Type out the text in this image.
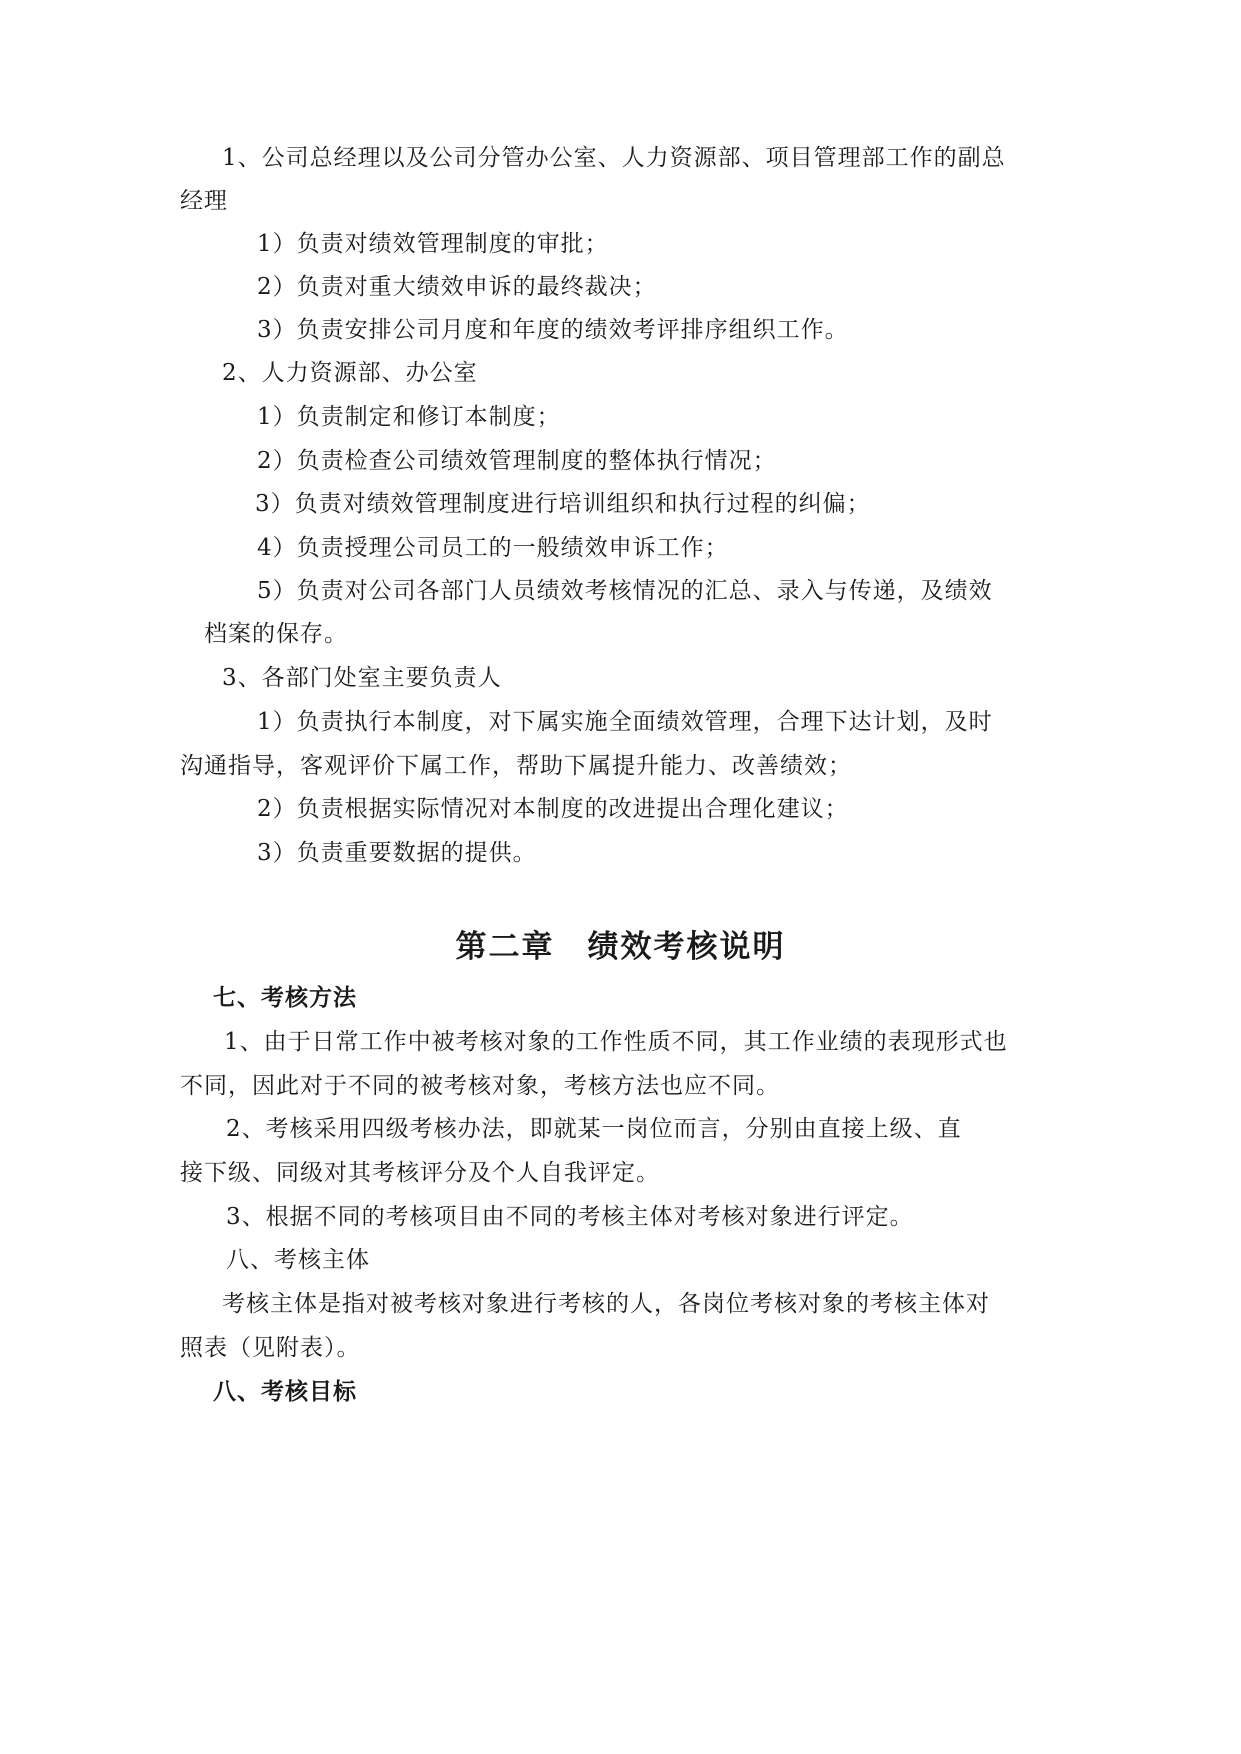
1、公司总经理以及公司分管办公室、人力资源部、项目管理部工作的副总
经理
1）负责对绩效管理制度的审批；
2）负责对重大绩效申诉的最终裁决；
3）负责安排公司月度和年度的绩效考评排序组织工作。
2、人力资源部、办公室
1）负责制定和修订本制度；
2）负责检查公司绩效管理制度的整体执行情况；
3）负责对绩效管理制度进行培训组织和执行过程的纠偏；
4）负责授理公司员工的一般绩效申诉工作；
5）负责对公司各部门人员绩效考核情况的汇总、录入与传递，及绩效
档案的保存。
3、各部门处室主要负责人
1）负责执行本制度，对下属实施全面绩效管理，合理下达计划，及时
沟通指导，客观评价下属工作，帮助下属提升能力、改善绩效；
2）负责根据实际情况对本制度的改进提出合理化建议；
3）负责重要数据的提供。
第二章　绩效考核说明
七、考核方法
1、由于日常工作中被考核对象的工作性质不同，其工作业绩的表现形式也
不同，因此对于不同的被考核对象，考核方法也应不同。
2、考核采用四级考核办法，即就某一岗位而言，分别由直接上级、直
接下级、同级对其考核评分及个人自我评定。
3、根据不同的考核项目由不同的考核主体对考核对象进行评定。
八、考核主体
考核主体是指对被考核对象进行考核的人，各岗位考核对象的考核主体对
照表（见附表）。
八、考核目标
